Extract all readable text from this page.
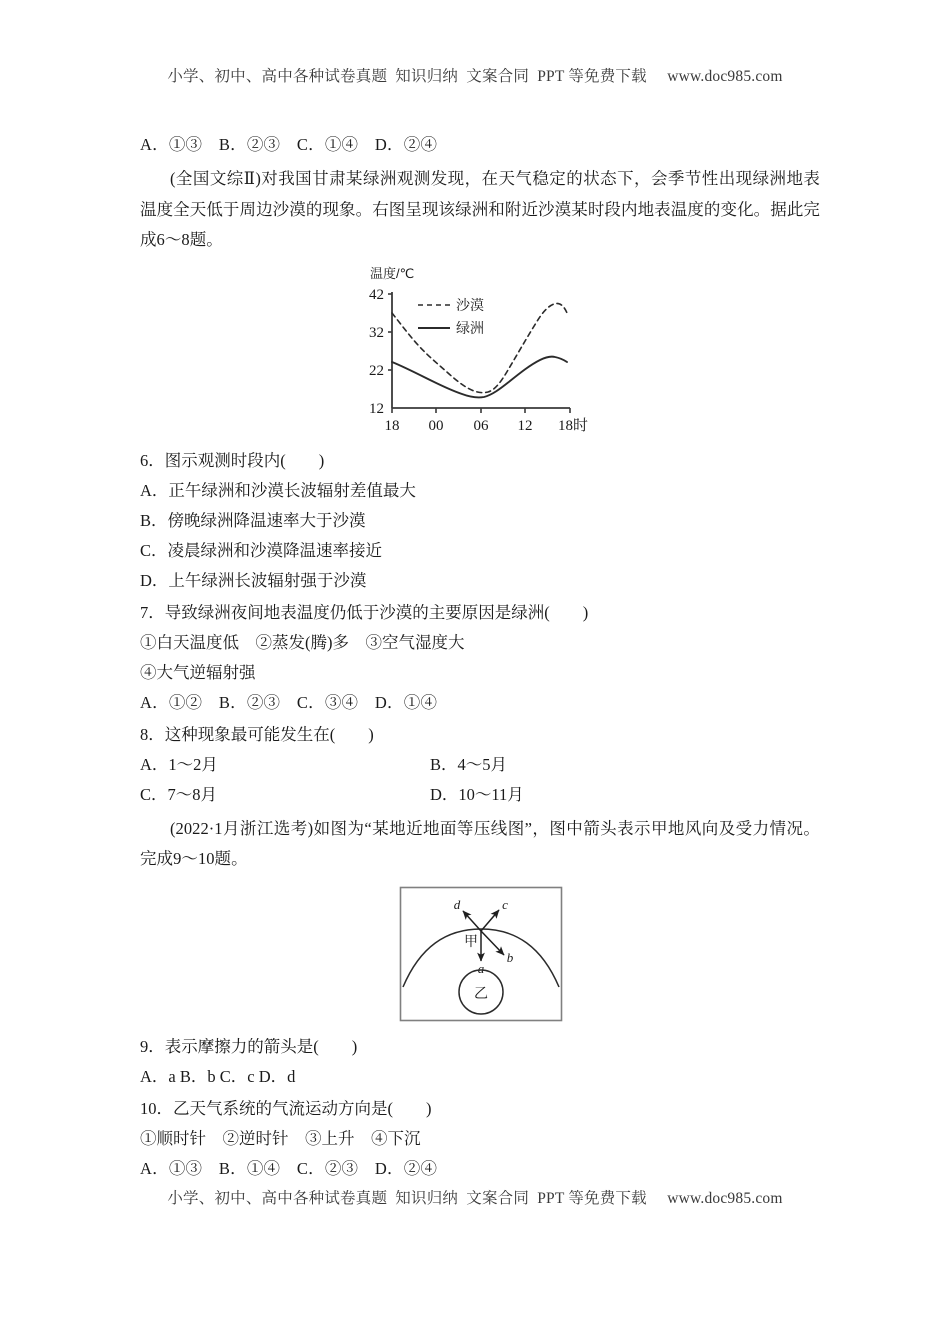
小学、初中、高中各种试卷真题  知识归纳  文案合同  PPT 等免费下载     www.doc985.com
A．①③　B．②③　C．①④　D．②④
(全国文综Ⅱ)对我国甘肃某绿洲观测发现，在天气稳定的状态下，会季节性出现绿洲地表温度全天低于周边沙漠的现象。右图呈现该绿洲和附近沙漠某时段内地表温度的变化。据此完成6～8题。
温度/℃
42
32
22
12
18 00 06 12 18时
沙漠
绿洲
6．图示观测时段内(        )
A．正午绿洲和沙漠长波辐射差值最大
B．傍晚绿洲降温速率大于沙漠
C．凌晨绿洲和沙漠降温速率接近
D．上午绿洲长波辐射强于沙漠
7．导致绿洲夜间地表温度仍低于沙漠的主要原因是绿洲(        )
①白天温度低　②蒸发(腾)多　③空气湿度大
④大气逆辐射强
A．①②　B．②③　C．③④　D．①④
8．这种现象最可能发生在(        )
A．1～2月	B．4～5月
C．7～8月	D．10～11月
(2022·1月浙江选考)如图为“某地近地面等压线图”，图中箭头表示甲地风向及受力情况。完成9～10题。
d	c
b
a
甲
乙
9．表示摩擦力的箭头是(        )
A．a B．b C．c D．d
10．乙天气系统的气流运动方向是(        )
①顺时针　②逆时针　③上升　④下沉
A．①③　B．①④　C．②③　D．②④
小学、初中、高中各种试卷真题  知识归纳  文案合同  PPT 等免费下载     www.doc985.com
